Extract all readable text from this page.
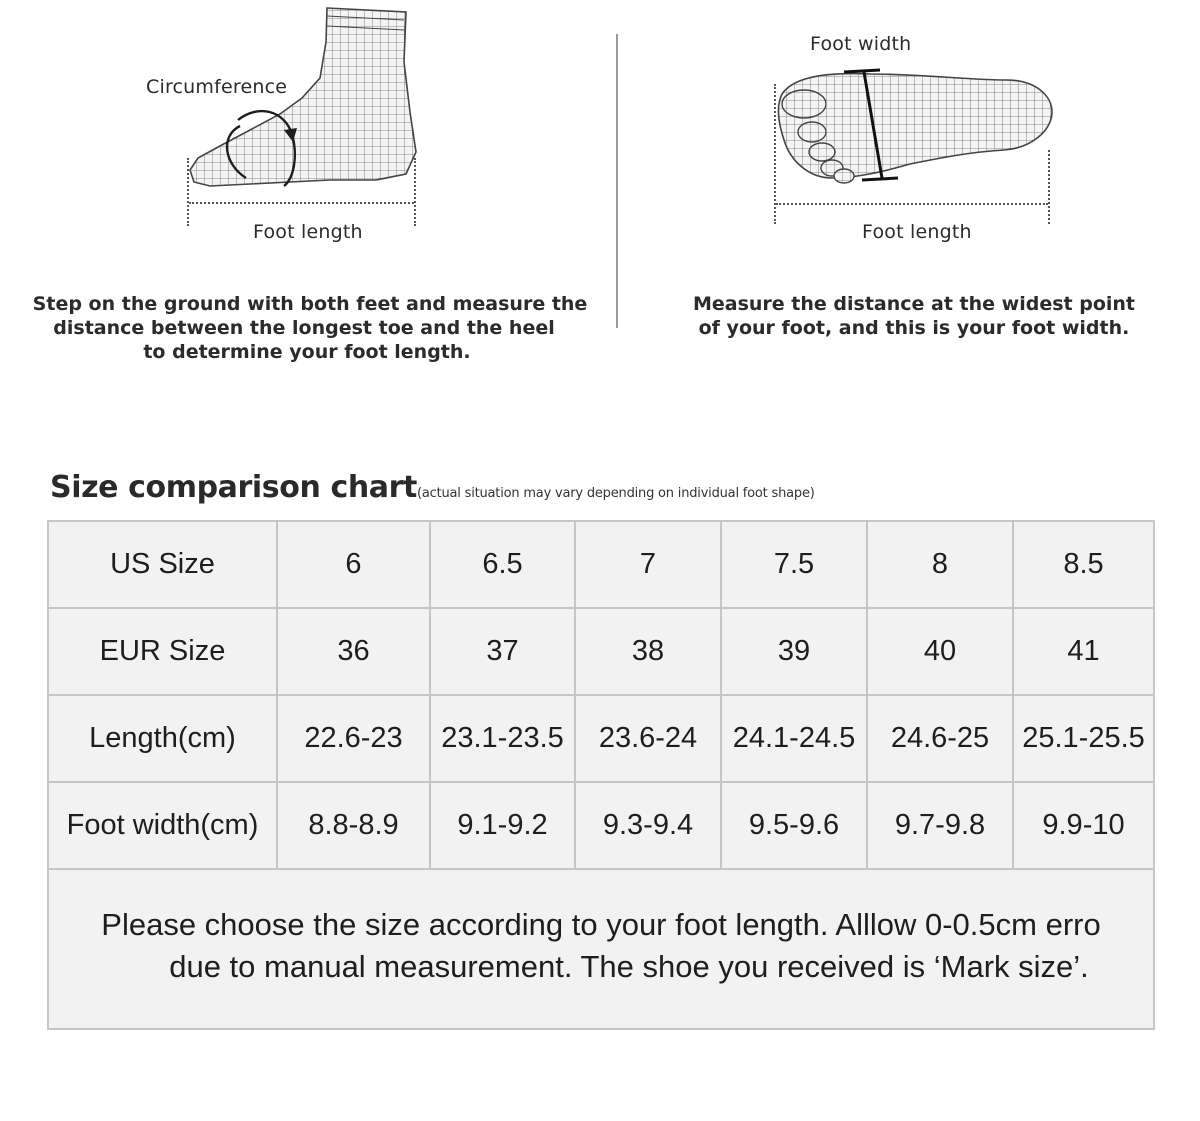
Circumference
Foot length
Step on the ground with both feet and measure the
distance between the longest toe and the heel
to determine your foot length.
Foot width
Foot length
Measure the distance at the widest point
of your foot, and this is your foot width.
Size comparison chart(actual situation may vary depending on individual foot shape)
US Size	6	6.5	7	7.5	8	8.5
EUR Size	36	37	38	39	40	41
Length(cm)	22.6-23	23.1-23.5	23.6-24	24.1-24.5	24.6-25	25.1-25.5
Foot width(cm)	8.8-8.9	9.1-9.2	9.3-9.4	9.5-9.6	9.7-9.8	9.9-10

Please choose the size according to your foot length. Alllow 0-0.5cm erro
due to manual measurement. The shoe you received is ‘Mark size’.						
